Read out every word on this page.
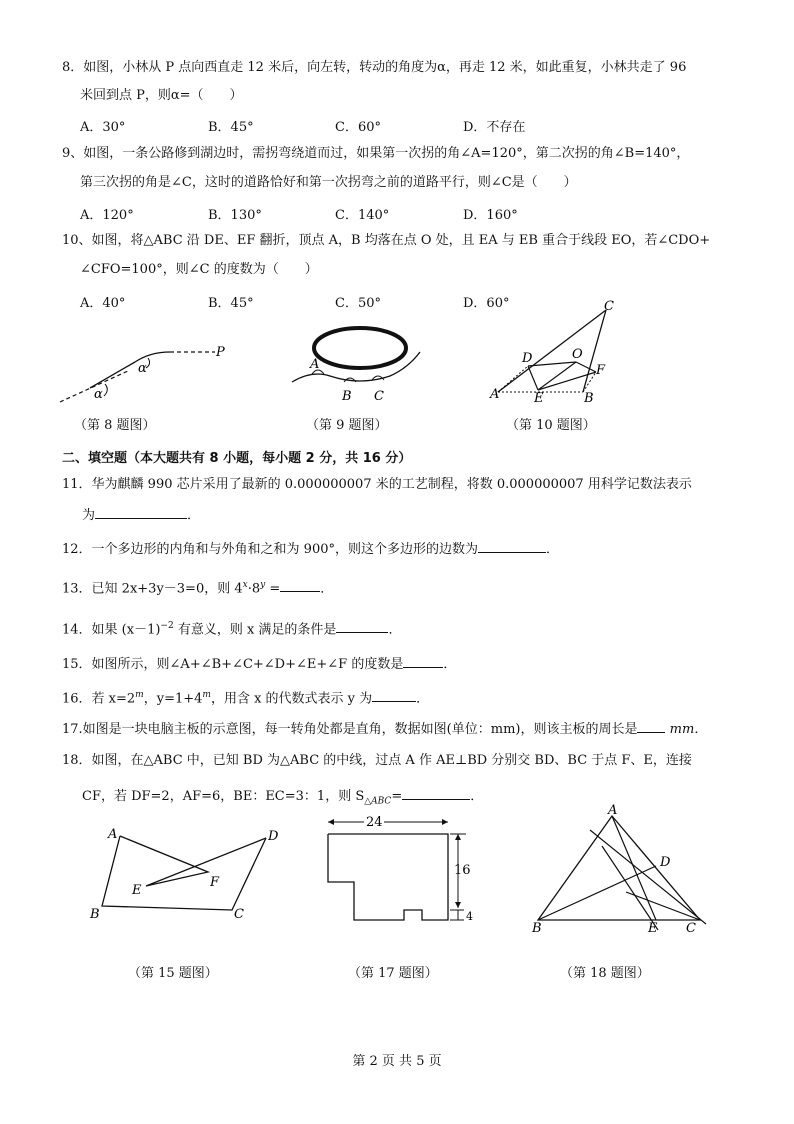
8．如图，小林从 P 点向西直走 12 米后，向左转，转动的角度为α，再走 12 米，如此重复，小林共走了 96
米回到点 P，则α=（　　）
A．30°	B．45°	C．60°	D．不存在
9、如图，一条公路修到湖边时，需拐弯绕道而过，如果第一次拐的角∠A=120°，第二次拐的角∠B=140°，
第三次拐的角是∠C，这时的道路恰好和第一次拐弯之前的道路平行，则∠C是（　　）
A．120°	B．130°	C．140°	D．160°
10、如图，将△ABC 沿 DE、EF 翻折，顶点 A，B 均落在点 O 处，且 EA 与 EB 重合于线段 EO，若∠CDO+
∠CFO=100°，则∠C 的度数为（　　）
A．40°	B．45°	C．50°	D．60°
α
α
P
（第 8 题图）
A
B C
（第 9 题图）
C
D	O
F
A	E	B
（第 10 题图）
二、填空题（本大题共有 8 小题，每小题 2 分，共 16 分）
11．华为麒麟 990 芯片采用了最新的 0.000000007 米的工艺制程，将数 0.000000007 用科学记数法表示
为	．
12．一个多边形的内角和与外角和之和为 900°，则这个多边形的边数为	．
13．已知 2x+3y－3=0，则 $4^x\cdot 8^y$ =	．
14．如果 $(x-1)^{-2}$ 有意义，则 x 满足的条件是	．
15．如图所示，则∠A+∠B+∠C+∠D+∠E+∠F 的度数是	．
16．若 $x=2^m$，$y=1+4^m$，用含 x 的代数式表示 y 为	．
17.如图是一块电脑主板的示意图，每一转角处都是直角，数据如图(单位：mm)，则该主板的周长是 mm．
18．如图，在△ABC 中，已知 BD 为△ABC 的中线，过点 A 作 AE⊥BD 分别交 BD、BC 于点 F、E，连接
CF，若 DF=2，AF=6，BE：EC=3：1，则 $S_{\triangle ABC}=$	．
A	D
E
F
B	C
（第 15 题图）
24
16
4
（第 17 题图）
A
D
B	E C
（第 18 题图）
第 2 页 共 5 页
